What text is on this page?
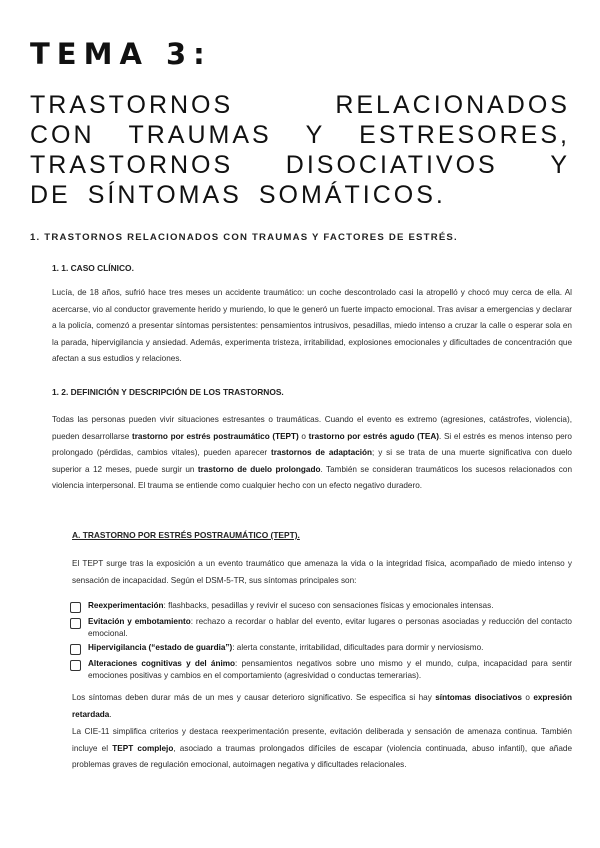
TEMA 3:
TRASTORNOS	RELACIONADOS
CON TRAUMAS Y ESTRESORES,
TRASTORNOS DISOCIATIVOS Y
DE SÍNTOMAS SOMÁTICOS.
1. TRASTORNOS RELACIONADOS CON TRAUMAS Y FACTORES DE ESTRÉS.
1. 1. CASO CLÍNICO.

Lucía, de 18 años, sufrió hace tres meses un accidente traumático: un coche descontrolado casi la atropelló y chocó muy cerca de ella. Al acercarse, vio al conductor gravemente herido y muriendo, lo que le generó un fuerte impacto emocional. Tras avisar a emergencias y declarar a la policía, comenzó a presentar síntomas persistentes: pensamientos intrusivos, pesadillas, miedo intenso a cruzar la calle o esperar sola en la parada, hipervigilancia y ansiedad. Además, experimenta tristeza, irritabilidad, explosiones emocionales y dificultades de concentración que afectan a sus estudios y relaciones.

1. 2. DEFINICIÓN Y DESCRIPCIÓN DE LOS TRASTORNOS.

Todas las personas pueden vivir situaciones estresantes o traumáticas. Cuando el evento es extremo (agresiones, catástrofes, violencia), pueden desarrollarse trastorno por estrés postraumático (TEPT) o trastorno por estrés agudo (TEA). Si el estrés es menos intenso pero prolongado (pérdidas, cambios vitales), pueden aparecer trastornos de adaptación; y si se trata de una muerte significativa con duelo superior a 12 meses, puede surgir un trastorno de duelo prolongado. También se consideran traumáticos los sucesos relacionados con violencia interpersonal. El trauma se entiende como cualquier hecho con un efecto negativo duradero.

A. TRASTORNO POR ESTRÉS POSTRAUMÁTICO (TEPT).

El TEPT surge tras la exposición a un evento traumático que amenaza la vida o la integridad física, acompañado de miedo intenso y sensación de incapacidad. Según el DSM-5-TR, sus síntomas principales son:

Reexperimentación: flashbacks, pesadillas y revivir el suceso con sensaciones físicas y emocionales intensas.
Evitación y embotamiento: rechazo a recordar o hablar del evento, evitar lugares o personas asociadas y reducción del contacto emocional.
Hipervigilancia (“estado de guardia”): alerta constante, irritabilidad, dificultades para dormir y nerviosismo.
Alteraciones cognitivas y del ánimo: pensamientos negativos sobre uno mismo y el mundo, culpa, incapacidad para sentir emociones positivas y cambios en el comportamiento (agresividad o conductas temerarias).

Los síntomas deben durar más de un mes y causar deterioro significativo. Se especifica si hay síntomas disociativos o expresión retardada.

La CIE-11 simplifica criterios y destaca reexperimentación presente, evitación deliberada y sensación de amenaza continua. También incluye el TEPT complejo, asociado a traumas prolongados difíciles de escapar (violencia continuada, abuso infantil), que añade problemas graves de regulación emocional, autoimagen negativa y dificultades relacionales.
